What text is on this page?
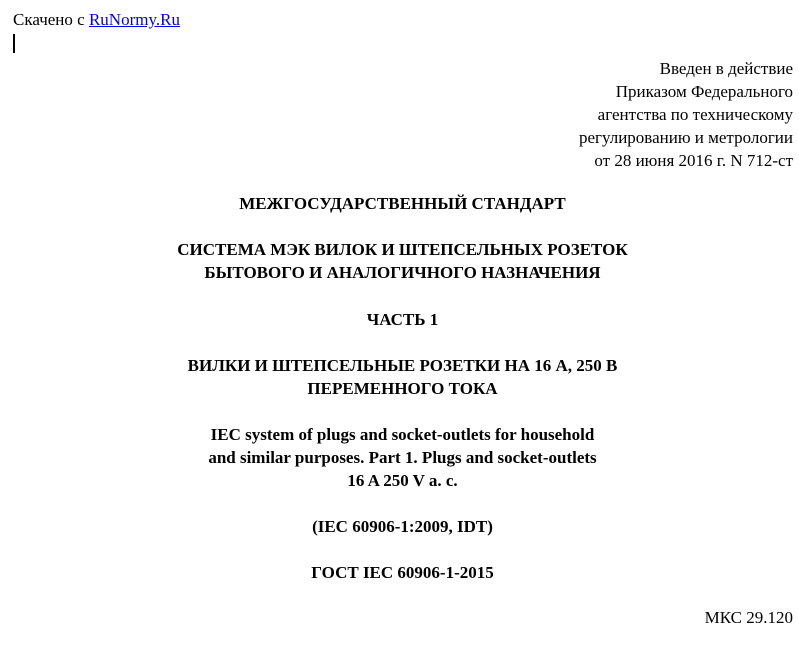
Скачено с RuNormy.Ru
Введен в действие
Приказом Федерального
агентства по техническому
регулированию и метрологии
от 28 июня 2016 г. N 712-ст
МЕЖГОСУДАРСТВЕННЫЙ СТАНДАРТ
СИСТЕМА МЭК ВИЛОК И ШТЕПСЕЛЬНЫХ РОЗЕТОК
БЫТОВОГО И АНАЛОГИЧНОГО НАЗНАЧЕНИЯ
ЧАСТЬ 1
ВИЛКИ И ШТЕПСЕЛЬНЫЕ РОЗЕТКИ НА 16 А, 250 В
ПЕРЕМЕННОГО ТОКА
IEC system of plugs and socket-outlets for household
and similar purposes. Part 1. Plugs and socket-outlets
16 A 250 V a. c.
(IEC 60906-1:2009, IDT)
ГОСТ IEC 60906-1-2015
МКС 29.120
